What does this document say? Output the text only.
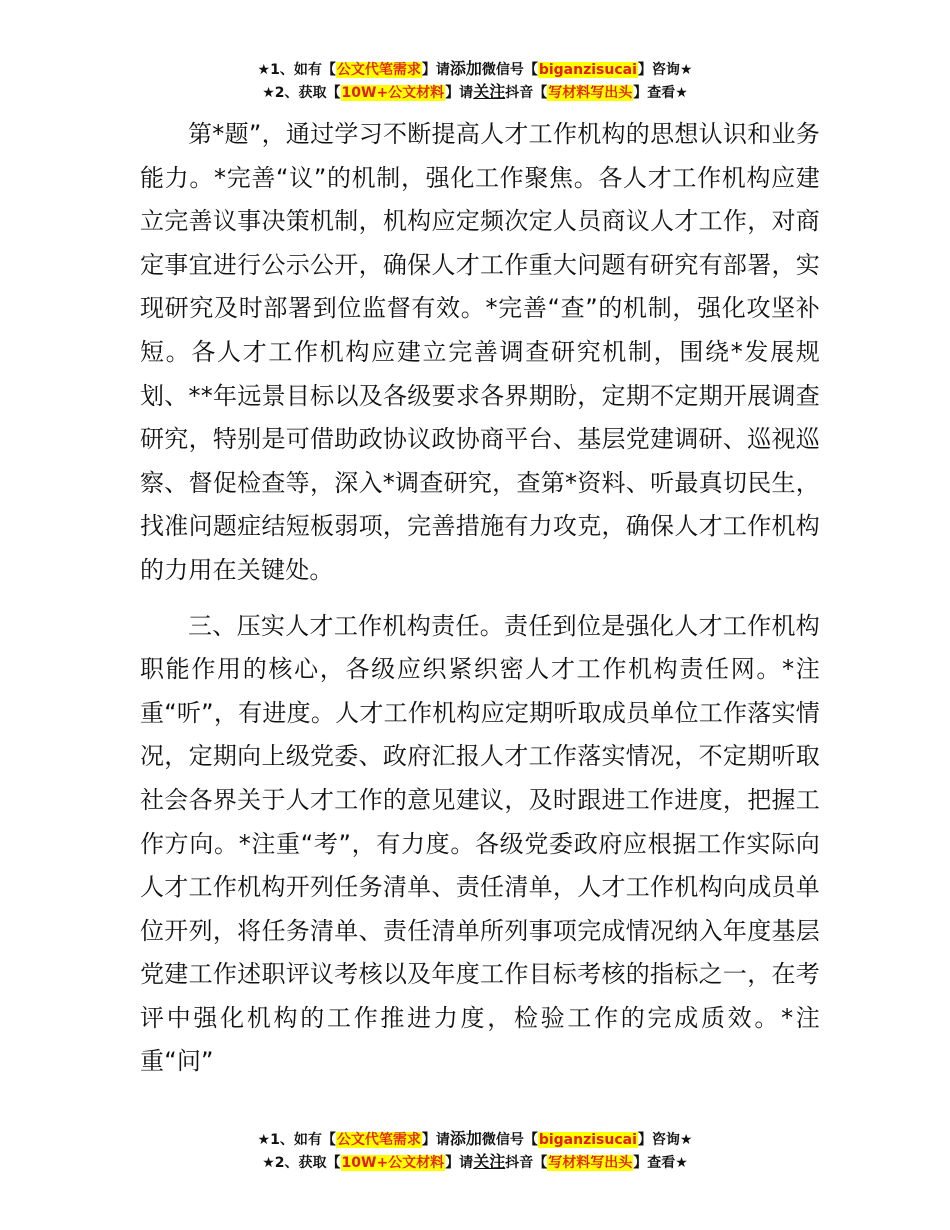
★1、如有【公文代笔需求】请添加微信号【biganzisucai】咨询★
★2、获取【10W+公文材料】请关注抖音【写材料写出头】查看★

第*题”，通过学习不断提高人才工作机构的思想认识和业务能力。*完善“议”的机制，强化工作聚焦。各人才工作机构应建立完善议事决策机制，机构应定频次定人员商议人才工作，对商定事宜进行公示公开，确保人才工作重大问题有研究有部署，实现研究及时部署到位监督有效。*完善“查”的机制，强化攻坚补短。各人才工作机构应建立完善调查研究机制，围绕*发展规划、**年远景目标以及各级要求各界期盼，定期不定期开展调查研究，特别是可借助政协议政协商平台、基层党建调研、巡视巡察、督促检查等，深入*调查研究，查第*资料、听最真切民生，找准问题症结短板弱项，完善措施有力攻克，确保人才工作机构的力用在关键处。

三、压实人才工作机构责任。责任到位是强化人才工作机构职能作用的核心，各级应织紧织密人才工作机构责任网。*注重“听”，有进度。人才工作机构应定期听取成员单位工作落实情况，定期向上级党委、政府汇报人才工作落实情况，不定期听取社会各界关于人才工作的意见建议，及时跟进工作进度，把握工作方向。*注重“考”，有力度。各级党委政府应根据工作实际向人才工作机构开列任务清单、责任清单，人才工作机构向成员单位开列，将任务清单、责任清单所列事项完成情况纳入年度基层党建工作述职评议考核以及年度工作目标考核的指标之一，在考评中强化机构的工作推进力度，检验工作的完成质效。*注重“问”

★1、如有【公文代笔需求】请添加微信号【biganzisucai】咨询★
★2、获取【10W+公文材料】请关注抖音【写材料写出头】查看★
